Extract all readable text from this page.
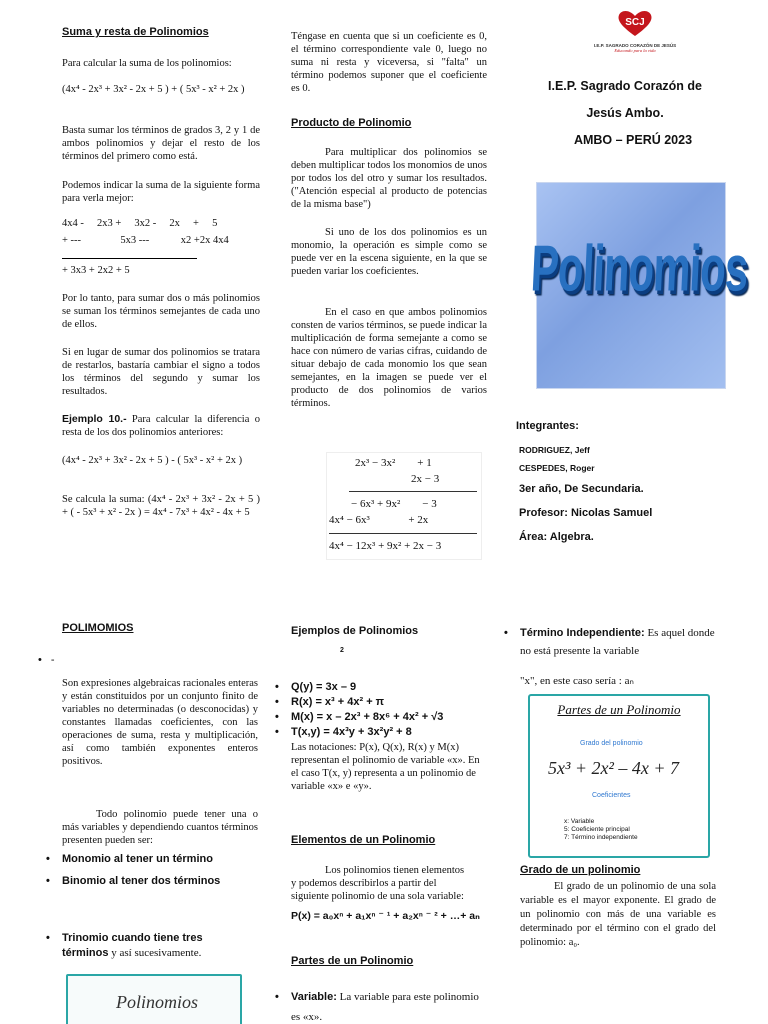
Suma y resta de Polinomios

Para calcular la suma de los polinomios:

(4x⁴ - 2x³ + 3x² - 2x + 5 ) + ( 5x³ - x² + 2x )

Basta sumar los términos de grados 3, 2 y 1 de ambos polinomios y dejar el resto de los términos del primero como está.

Podemos indicar la suma de la siguiente forma para verla mejor:

4x4 -     2x3 +     3x2 -     2x     +     5

+ ---               5x3 ---            x2 +2x 4x4

+ 3x3 + 2x2 + 5

Por lo tanto, para sumar dos o más polinomios se suman los términos semejantes de cada uno de ellos.

Si en lugar de sumar dos polinomios se tratara de restarlos, bastaría cambiar el signo a todos los términos del segundo y sumar los resultados.

Ejemplo 10.- Para calcular la diferencia o resta de los dos polinomios anteriores:

(4x⁴ - 2x³ + 3x² - 2x + 5 ) - ( 5x³ - x² + 2x )

Se calcula la suma: (4x⁴ - 2x³ + 3x² - 2x + 5 ) + ( - 5x³ + x² - 2x ) = 4x⁴ - 7x³ + 4x² - 4x + 5

Téngase en cuenta que si un coeficiente es 0, el término correspondiente vale 0, luego no suma ni resta y viceversa, si "falta" un término podemos suponer que el coeficiente es 0.

Producto de Polinomio

Para multiplicar dos polinomios se deben multiplicar todos los monomios de unos por todos los del otro y sumar los resultados. ("Atención especial al producto de potencias de la misma base")

Si uno de los dos polinomios es un monomio, la operación es simple como se puede ver en la escena siguiente, en la que se pueden variar los coeficientes.

En el caso en que ambos polinomios consten de varios términos, se puede indicar la multiplicación de forma semejante a como se hace con número de varias cifras, cuidando de situar debajo de cada monomio los que sean semejantes, en la imagen se puede ver el producto de dos polinomios de varios términos.

2x³ − 3x²        + 1
2x − 3
− 6x³ + 9x²        − 3
4x⁴ − 6x³              + 2x
4x⁴ − 12x³ + 9x² + 2x − 3
SCJ
I.E.P. SAGRADO CORAZÓN DE JESÚS
Educando para la vida

I.E.P. Sagrado Corazón de

Jesús Ambo.

AMBO – PERÚ 2023

Polinomios

Integrantes:

RODRIGUEZ, Jeff

CESPEDES, Roger

3er año, De Secundaria.

Profesor: Nicolas Samuel

Área: Algebra.

POLIMOMIOS

• -

Son expresiones algebraicas racionales enteras y están constituidos por un conjunto finito de variables no determinadas (o desconocidas) y constantes llamadas coeficientes, con las operaciones de suma, resta y multiplicación, así como también exponentes enteros positivos.

Todo polinomio puede tener una o más variables y dependiendo cuantos términos presenten pueden ser:

• Monomio al tener un término

• Binomio al tener dos términos

• Trinomio cuando tiene tres términos y así sucesivamente.

Polinomios

Ejemplos de Polinomios

2

• Q(y) = 3x – 9

• R(x) = x³ + 4x² + π

• M(x) = x – 2x³ + 8x⁶ + 4x² + √3

• T(x,y) = 4x³y + 3x²y² + 8

Las notaciones: P(x), Q(x), R(x) y M(x) representan el polinomio de variable «x». En el caso T(x, y) representa a un polinomio de variable «x» e «y».

Elementos de un Polinomio

Los polinomios tienen elementos y podemos describirlos a partir del siguiente polinomio de una sola variable:

P(x) = a₀xⁿ + a₁xⁿ ⁻ ¹ + a₂xⁿ ⁻ ² + …+ aₙ

Partes de un Polinomio

• Variable: La variable para este polinomio es «x».

• Término Independiente: Es aquel donde no está presente la variable

"x", en este caso sería : aₙ

Partes de un Polinomio
Grado del polinomio
5x³ + 2x² – 4x + 7
Coeficientes
x: Variable
5: Coeficiente principal
7: Término independiente

Grado de un polinomio

El grado de un polinomio de una sola variable es el mayor exponente. El grado de un polinomio con más de una variable es determinado por el término con el grado del polinomio: a₀.
